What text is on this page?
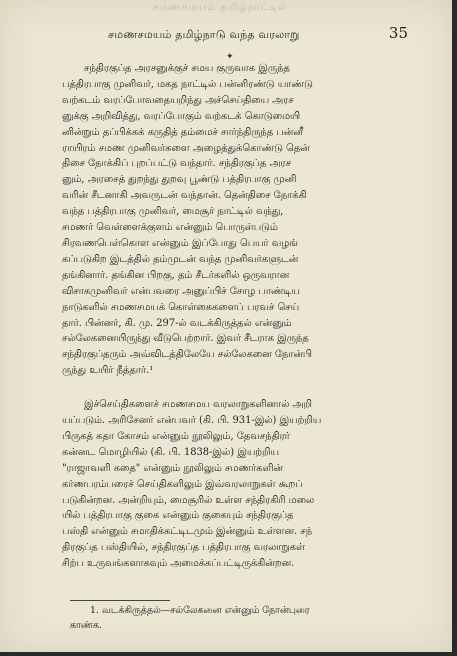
சமணசமயம் தமிழ்நாட்டில்
சமணசமயம் தமிழ்நாடு வந்த வரலாறு	35
✦
சந்திரகுப்த அரசனுக்குச் சமய குருவாக இருந்த
பத்திரபாகு முனிவர், மகத நாட்டில் பன்னிரண்டு யாண்டு
வற்கடம் வரப்போவதையறிந்து அச்செய்தியை அரச
னுக்கு அறிவித்து, வரப்போகும் வற்கடக் கொடுமையி
னின்றும் தப்பிக்கக் கருதித் தம்மைச் சார்ந்திருந்த பன்னீ
ராயிரம் சமண முனிவர்களை அழைத்துக்கொண்டு தென்
திசை நோக்கிப் புறப்பட்டு வந்தார். சந்திரகுப்த அரச
னும், அரசைத் துறந்து துறவு பூண்டு பத்திரபாகு முனி
வரின் சீடனாகி அவருடன் வந்தான். தென்திசை நோக்கி
வந்த பத்திரபாகு முனிவர், மைசூர் நாட்டில் வந்து,
சமணர் வெள்ளைக்குளம் என்னும் பொருள்படும்
சிரவணபெள்கொள என்னும் இப்போது பெயர் வழங்
கப்படுகிற இடத்தில் தம்முடன் வந்த முனிவர்களுடன்
தங்கினார். தங்கின பிறகு, தம் சீடர்களில் ஒருவரான
விசாகமுனிவர் என்பவரை அனுப்பிச் சோழ பாண்டிய
நாடுகளில் சமணசமயக் கொள்கைகளைப் பரவச் செய்
தார். பின்னர், கி. மு. 297-ல் வடக்கிருத்தல் என்னும்
சல்லேகனையிருந்து வீடுபெற்றார். இவர் சீடராக இருந்த
சந்திரகுப்தரும் அவ்விடத்திலேயே சல்லேகனை நோன்பி
ருந்து உயிர் நீத்தார்.¹
இச்செய்திகளைச் சமணசமய வரலாறுகளினால் அறி
யப்படும். அரிசேனர் என்பவர் (கி. பி. 931-இல்) இயற்றிய
பிருகத் கதா கோசம் என்னும் நூலிலும், தேவசந்திரர்
கன்னட மொழியில் (கி. பி. 1838-இல்) இயற்றிய
"ராஜாவளி கதை" என்னும் நூலிலும் சமணர்களின்
கர்ணபரம்பரைச் செய்திகளிலும் இவ்வரலாறுகள் கூறப்
படுகின்றன. அன்றியும், மைசூரில் உள்ள சந்திரகிரி மலை
யில் பத்திரபாகு குகை என்னும் குகையும் சந்திரகுப்த
பஸ்தி என்னும் சமாதிக்கட்டிடமும் இன்னும் உள்ளன. சந்
திரகுப்த பஸ்தியில், சந்திரகுப்த பத்திரபாகு வரலாறுகள்
சிற்ப உருவங்களாகவும் அமைக்கப்பட்டிருக்கின்றன.
1. வடக்கிருத்தல்—சல்லேகனை என்னும் நோன்புரை
காண்க.
